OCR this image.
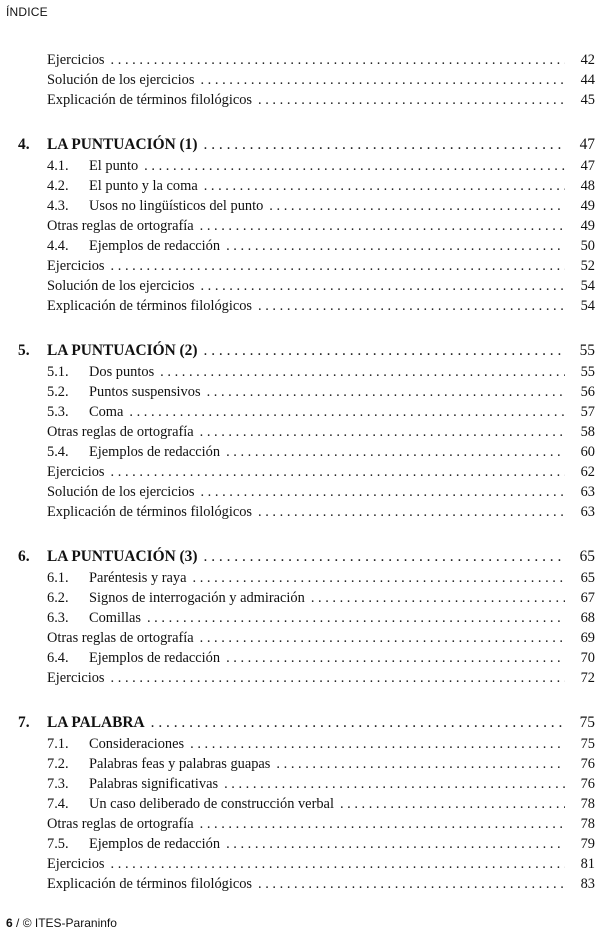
ÍNDICE
Ejercicios . . .	42
Solución de los ejercicios . . .	44
Explicación de términos filológicos . . .	45
4.	LA PUNTUACIÓN (1) . . .	47
4.1.	El punto . . .	47
4.2.	El punto y la coma . . .	48
4.3.	Usos no lingüísticos del punto . . .	49
Otras reglas de ortografía . . .	49
4.4.	Ejemplos de redacción . . .	50
Ejercicios . . .	52
Solución de los ejercicios . . .	54
Explicación de términos filológicos . . .	54
5.	LA PUNTUACIÓN (2) . . .	55
5.1.	Dos puntos . . .	55
5.2.	Puntos suspensivos . . .	56
5.3.	Coma . . .	57
Otras reglas de ortografía . . .	58
5.4.	Ejemplos de redacción . . .	60
Ejercicios . . .	62
Solución de los ejercicios . . .	63
Explicación de términos filológicos . . .	63
6.	LA PUNTUACIÓN (3) . . .	65
6.1.	Paréntesis y raya . . .	65
6.2.	Signos de interrogación y admiración . . .	67
6.3.	Comillas . . .	68
Otras reglas de ortografía . . .	69
6.4.	Ejemplos de redacción . . .	70
Ejercicios . . .	72
7.	LA PALABRA . . .	75
7.1.	Consideraciones . . .	75
7.2.	Palabras feas y palabras guapas . . .	76
7.3.	Palabras significativas . . .	76
7.4.	Un caso deliberado de construcción verbal . . .	78
Otras reglas de ortografía . . .	78
7.5.	Ejemplos de redacción . . .	79
Ejercicios . . .	81
Explicación de términos filológicos . . .	83
6 / © ITES-Paraninfo
